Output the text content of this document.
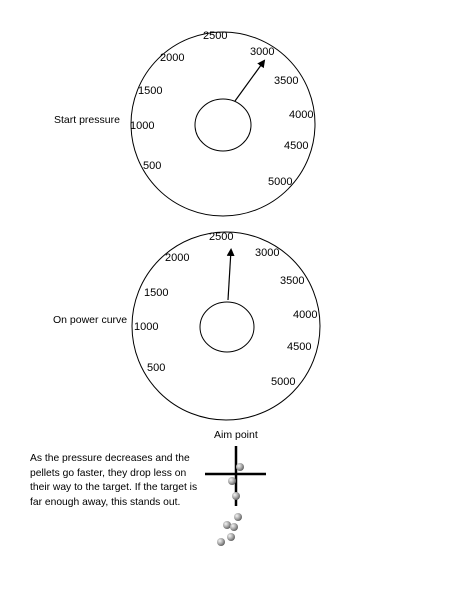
500
1000
1500
2000
2500
3000
3500
4000
4500
5000
Start pressure
500
1000
1500
2000
2500
3000
3500
4000
4500
5000
On power curve
Aim point

As the pressure decreases and the pellets go faster, they drop less on their way to the target. If the target is far enough away, this stands out.
